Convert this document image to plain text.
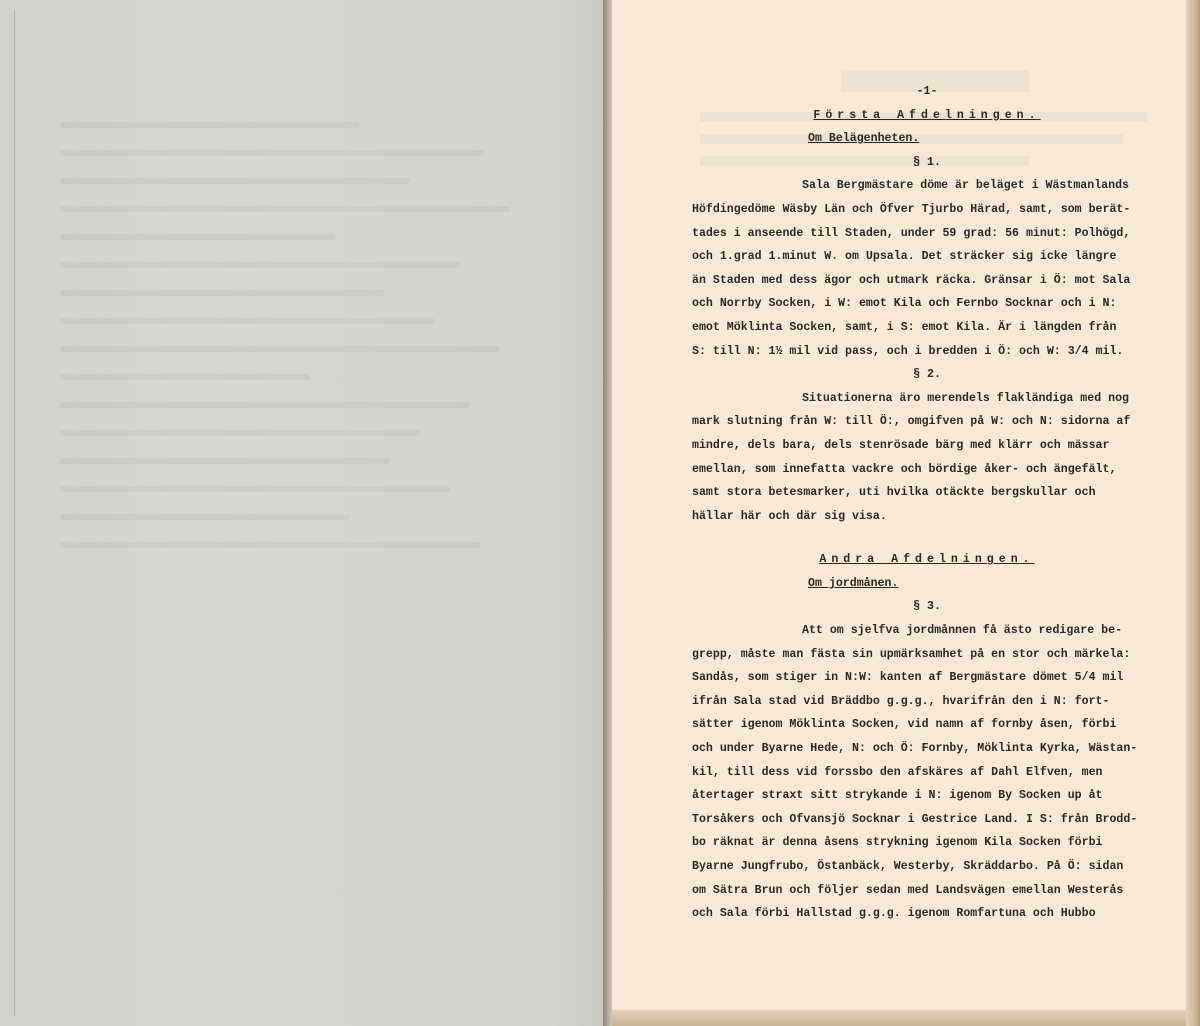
-1-
Första Afdelningen.
Om Belägenheten.
§ 1.
Sala Bergmästare döme är beläget i Wästmanlands
Höfdingedöme Wäsby Län och Öfver Tjurbo Härad, samt, som berät-
tades i anseende till Staden, under 59 grad: 56 minut: Polhögd,
och 1.grad 1.minut W. om Upsala. Det sträcker sig icke längre
än Staden med dess ägor och utmark räcka. Gränsar i Ö: mot Sala
och Norrby Socken, i W: emot Kila och Fernbo Socknar och i N:
emot Möklinta Socken, samt, i S: emot Kila. Är i längden från
S: till N: 1½ mil vid pass, och i bredden i Ö: och W: 3/4 mil.
§ 2.
Situationerna äro merendels flakländiga med nog
mark slutning från W: till Ö:, omgifven på W: och N: sidorna af
mindre, dels bara, dels stenrösade bärg med klärr och mässar
emellan, som innefatta vackre och bördige åker- och ängefält,
samt stora betesmarker, uti hvilka otäckte bergskullar och
hällar här och där sig visa.
Andra Afdelningen.
Om jordmånen.
§ 3.
Att om sjelfva jordmånnen få ästo redigare be-
grepp, måste man fästa sin upmärksamhet på en stor och märkela:
Sandås, som stiger in N:W: kanten af Bergmästare dömet 5/4 mil
ifrån Sala stad vid Bräddbo g.g.g., hvarifrån den i N: fort-
sätter igenom Möklinta Socken, vid namn af fornby åsen, förbi
och under Byarne Hede, N: och Ö: Fornby, Möklinta Kyrka, Wästan-
kil, till dess vid forssbo den afskäres af Dahl Elfven, men
återtager straxt sitt strykande i N: igenom By Socken up åt
Torsåkers och Ofvansjö Socknar i Gestrice Land. I S: från Brodd-
bo räknat är denna åsens strykning igenom Kila Socken förbi
Byarne Jungfrubo, Östanbäck, Westerby, Skräddarbo. På Ö: sidan
om Sätra Brun och följer sedan med Landsvägen emellan Westerås
och Sala förbi Hallstad g.g.g. igenom Romfartuna och Hubbo
